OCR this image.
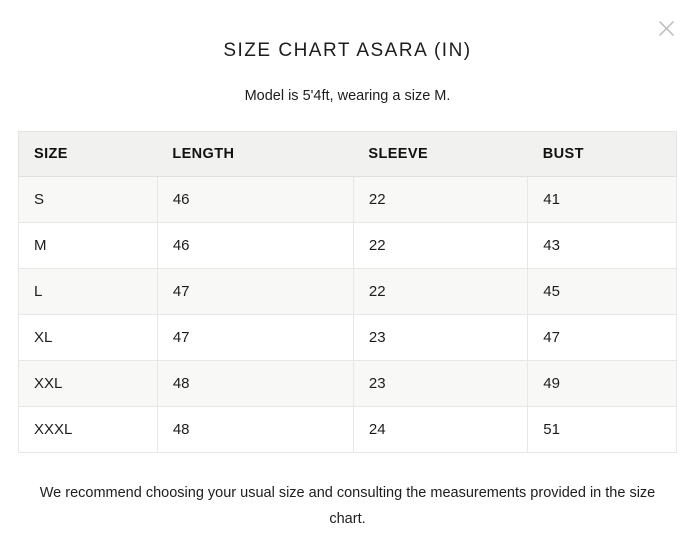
SIZE CHART ASARA (IN)

Model is 5'4ft, wearing a size M.

SIZE	LENGTH	SLEEVE	BUST
S	46	22	41
M	46	22	43
L	47	22	45
XL	47	23	47
XXL	48	23	49
XXXL	48	24	51

We recommend choosing your usual size and consulting the measurements provided in the size chart.
